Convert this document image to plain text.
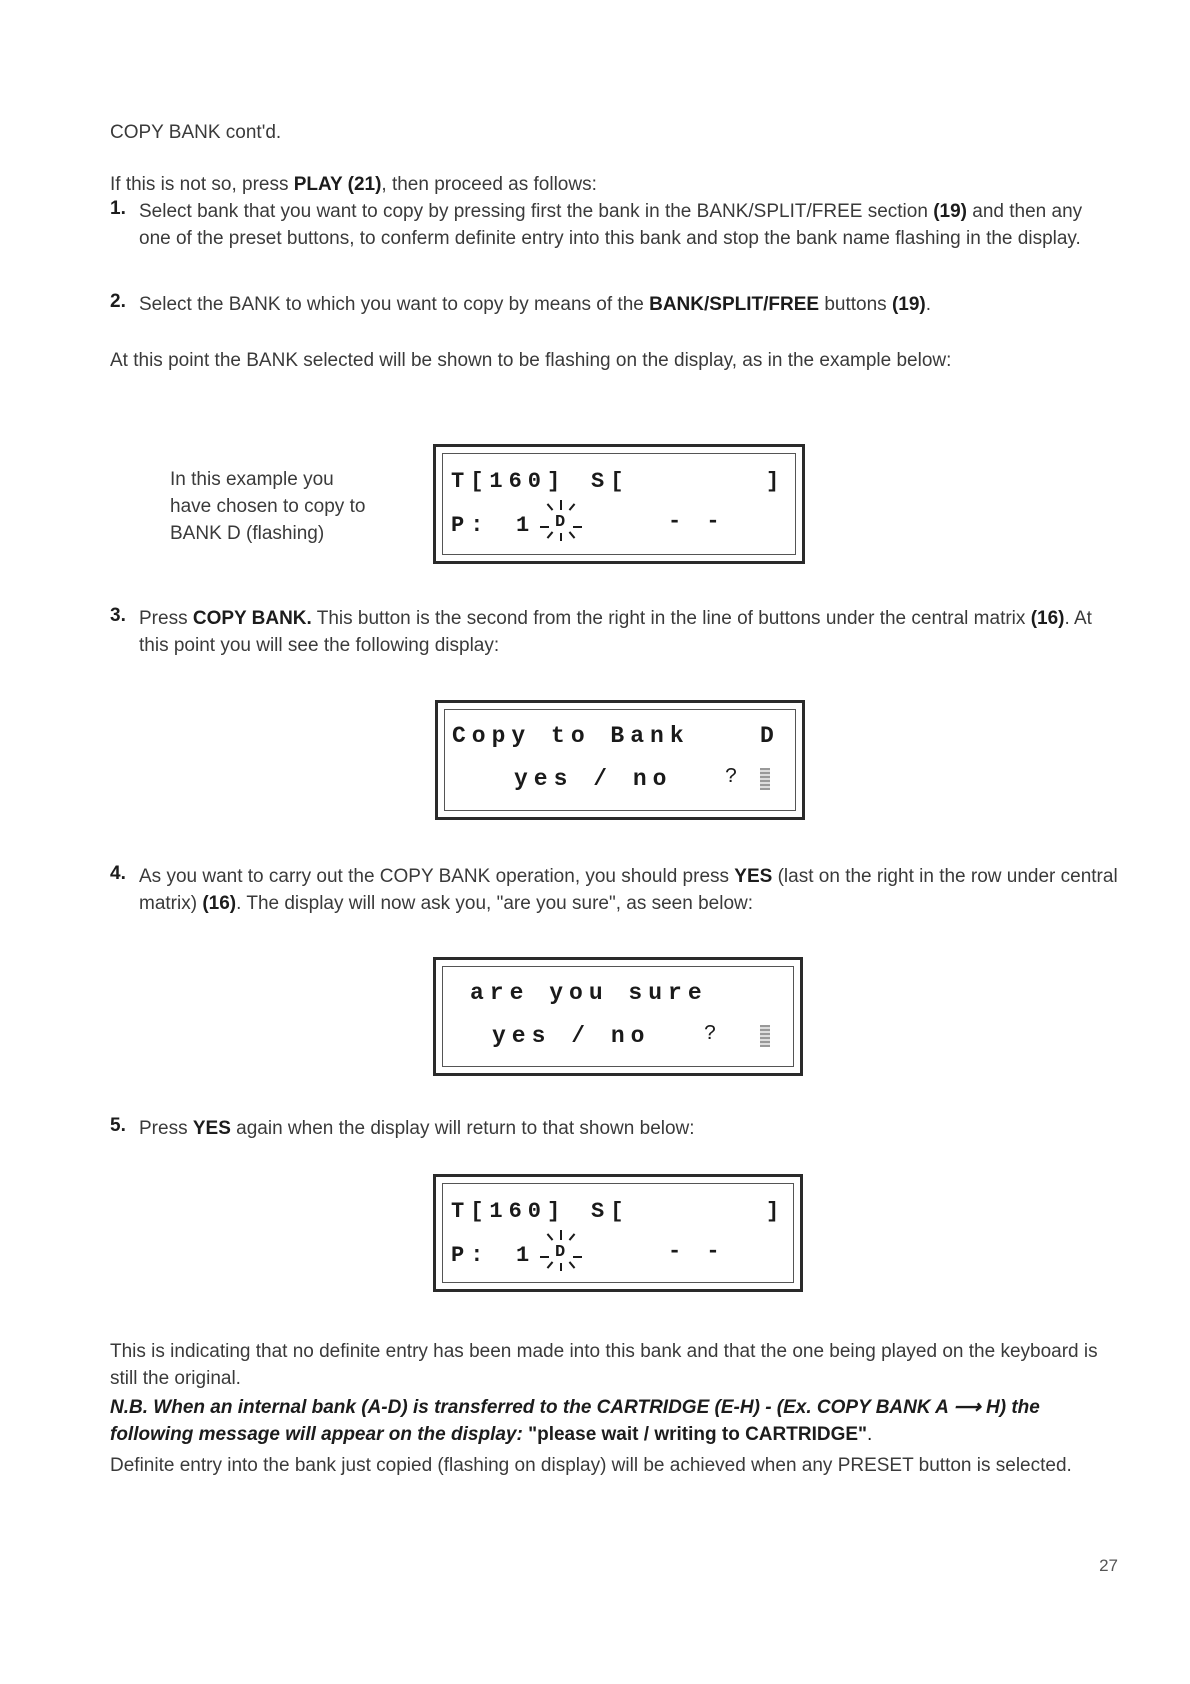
COPY BANK cont'd.
If this is not so, press PLAY (21), then proceed as follows:
1. Select bank that you want to copy by pressing first the bank in the BANK/SPLIT/FREE section (19) and then any one of the preset buttons, to conferm definite entry into this bank and stop the bank name flashing in the display.
2. Select the BANK to which you want to copy by means of the BANK/SPLIT/FREE buttons (19).
At this point the BANK selected will be shown to be flashing on the display, as in the example below:
In this example you have chosen to copy to BANK D (flashing)
T[160] S[	]
P: 1 D	- -
3. Press COPY BANK. This button is the second from the right in the line of buttons under the central matrix (16). At this point you will see the following display:
Copy to Bank	D
yes / no	?
4. As you want to carry out the COPY BANK operation, you should press YES (last on the right in the row under central matrix) (16). The display will now ask you, "are you sure", as seen below:
are you sure
yes / no	?
5. Press YES again when the display will return to that shown below:
T[160] S[	]
P: 1 D	- -
This is indicating that no definite entry has been made into this bank and that the one being played on the keyboard is still the original.
N.B. When an internal bank (A-D) is transferred to the CARTRIDGE (E-H) - (Ex. COPY BANK A ⟶ H) the following message will appear on the display: "please wait / writing to CARTRIDGE".
Definite entry into the bank just copied (flashing on display) will be achieved when any PRESET button is selected.
27
